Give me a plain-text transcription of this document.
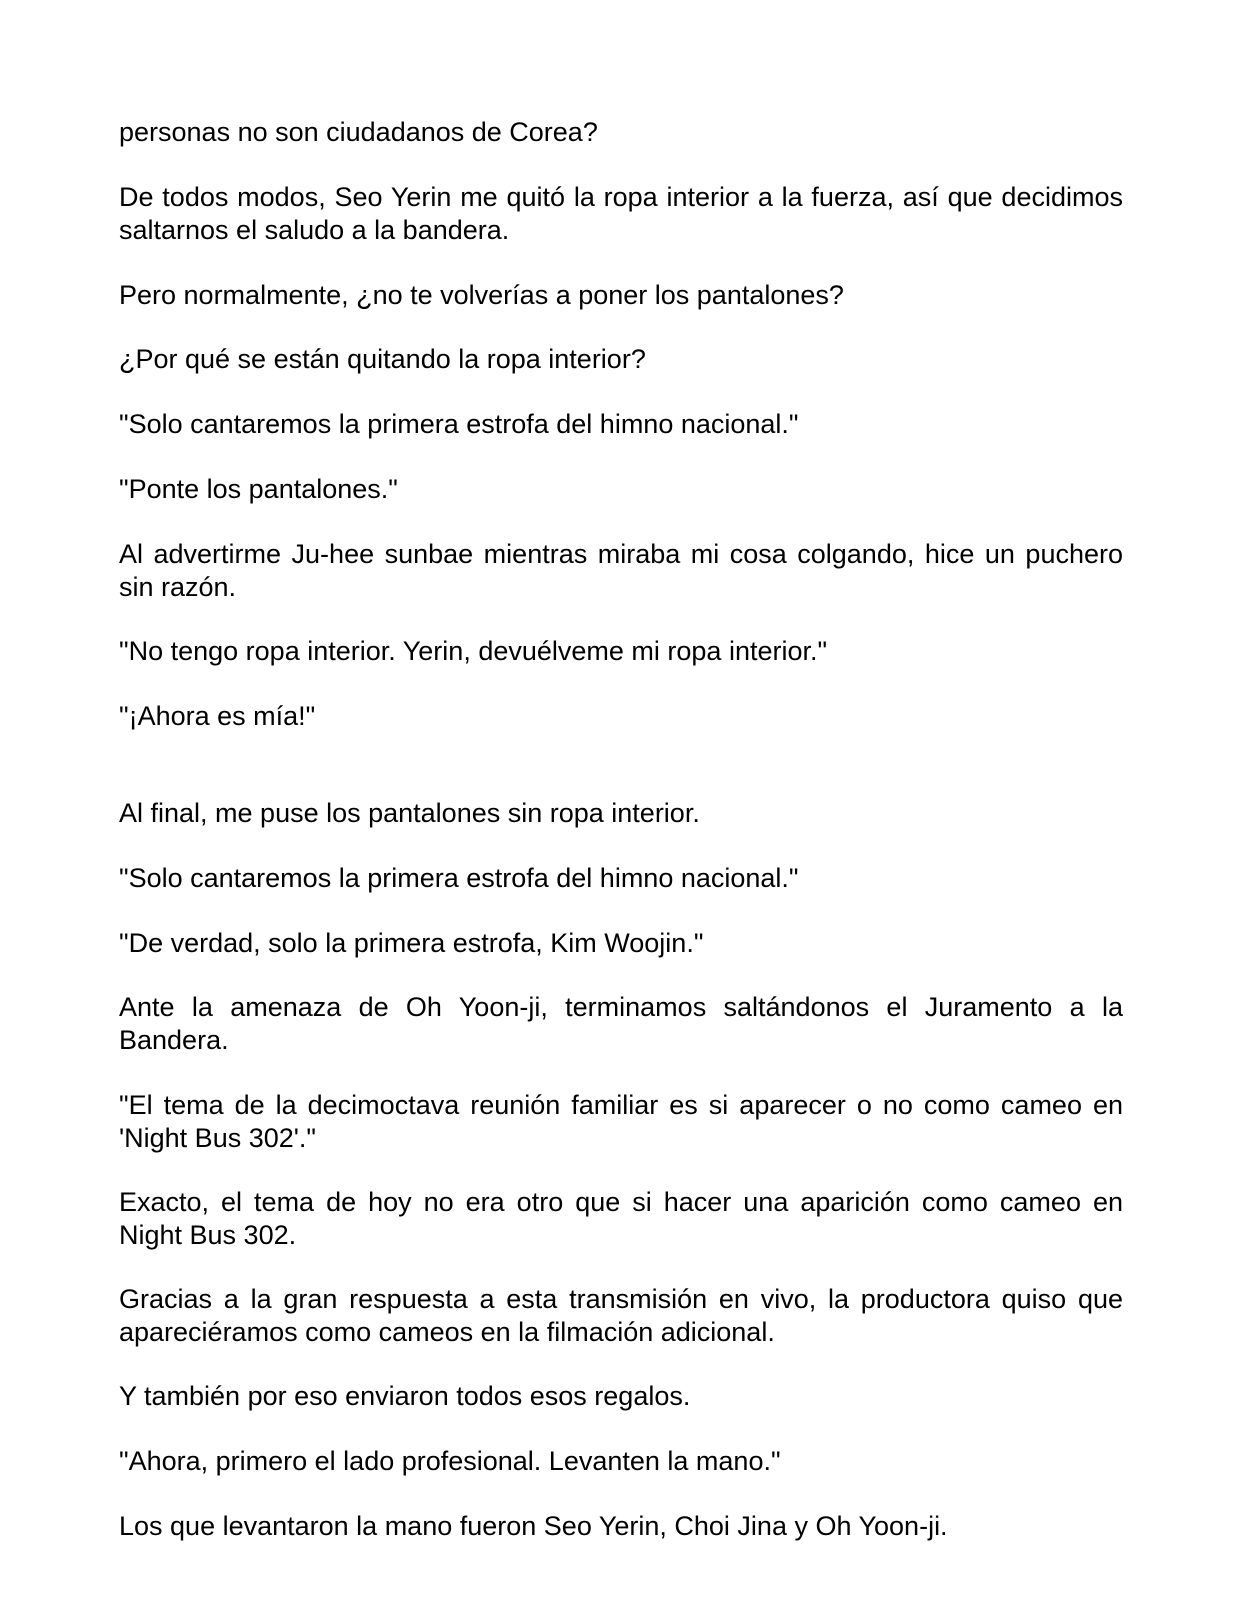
personas no son ciudadanos de Corea?

De todos modos, Seo Yerin me quitó la ropa interior a la fuerza, así que decidimos saltarnos el saludo a la bandera.

Pero normalmente, ¿no te volverías a poner los pantalones?

¿Por qué se están quitando la ropa interior?

"Solo cantaremos la primera estrofa del himno nacional."

"Ponte los pantalones."

Al advertirme Ju-hee sunbae mientras miraba mi cosa colgando, hice un puchero sin razón.

"No tengo ropa interior. Yerin, devuélveme mi ropa interior."

"¡Ahora es mía!"

Al final, me puse los pantalones sin ropa interior.

"Solo cantaremos la primera estrofa del himno nacional."

"De verdad, solo la primera estrofa, Kim Woojin."

Ante la amenaza de Oh Yoon-ji, terminamos saltándonos el Juramento a la Bandera.

"El tema de la decimoctava reunión familiar es si aparecer o no como cameo en 'Night Bus 302'."

Exacto, el tema de hoy no era otro que si hacer una aparición como cameo en Night Bus 302.

Gracias a la gran respuesta a esta transmisión en vivo, la productora quiso que apareciéramos como cameos en la filmación adicional.

Y también por eso enviaron todos esos regalos.

"Ahora, primero el lado profesional. Levanten la mano."

Los que levantaron la mano fueron Seo Yerin, Choi Jina y Oh Yoon-ji.
